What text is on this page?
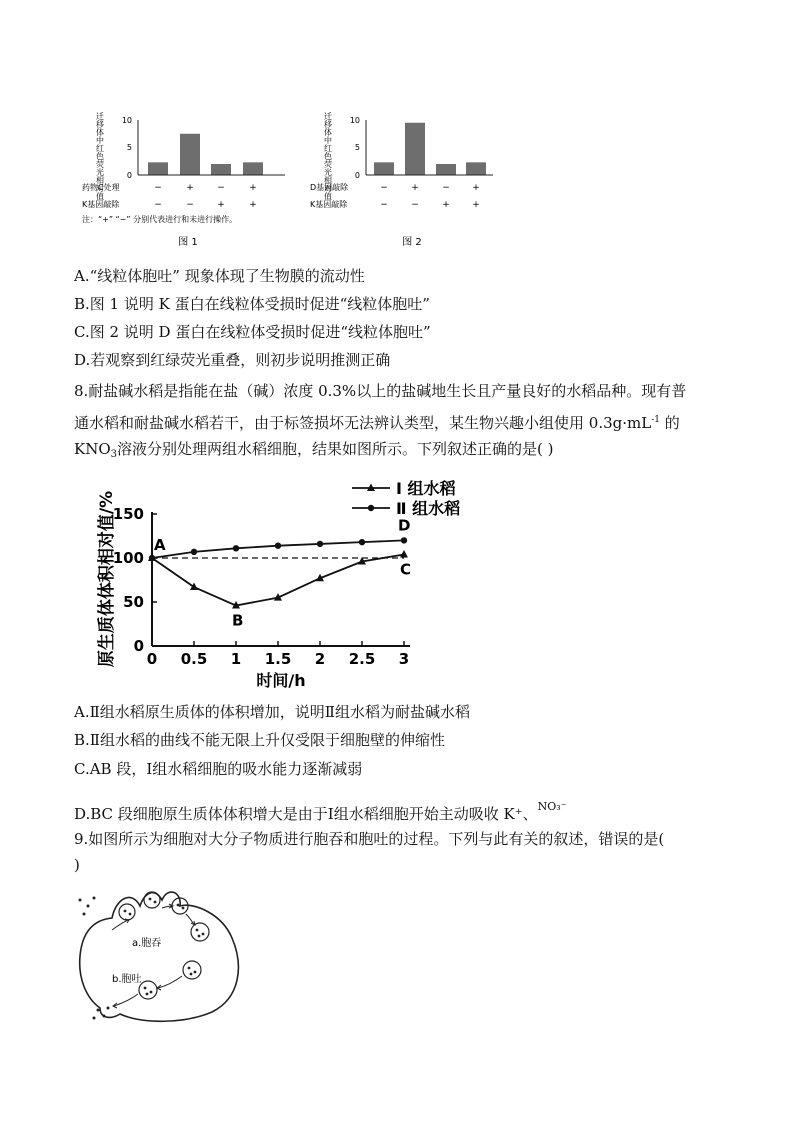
迁移体中红色荧光相对值	0
5
10
药物C处理
K基因敲除
−	+	−	+
−	−	+	+
注：“+” “−” 分别代表进行和未进行操作。
图 1
迁移体中红色荧光相对值	0
5
10
D基因敲除
K基因敲除
−	+	− +
−	−	+ +
图 2
A.“线粒体胞吐” 现象体现了生物膜的流动性
B.图 1 说明 K 蛋白在线粒体受损时促进“线粒体胞吐”
C.图 2 说明 D 蛋白在线粒体受损时促进“线粒体胞吐”
D.若观察到红绿荧光重叠，则初步说明推测正确
8.耐盐碱水稻是指能在盐（碱）浓度 0.3%以上的盐碱地生长且产量良好的水稻品种。现有普
通水稻和耐盐碱水稻若干，由于标签损坏无法辨认类型，某生物兴趣小组使用 $0.3g\cdot mL^{-1}$ 的
$KNO_3$溶液分别处理两组水稻细胞，结果如图所示。下列叙述正确的是( )
0 0.5 1 1.5 2 2.5 3
0
50
100
150
A
B
C
D
原生质体体积相对值/%
时间/h
Ⅰ 组水稻
Ⅱ 组水稻
A.Ⅱ组水稻原生质体的体积增加，说明Ⅱ组水稻为耐盐碱水稻
B.Ⅱ组水稻的曲线不能无限上升仅受限于细胞壁的伸缩性
C.AB 段，Ⅰ组水稻细胞的吸水能力逐渐减弱
D.BC 段细胞原生质体体积增大是由于Ⅰ组水稻细胞开始主动吸收 K⁺、$^{NO_3^-}$
9.如图所示为细胞对大分子物质进行胞吞和胞吐的过程。下列与此有关的叙述，错误的是(
)
a.胞吞
b.胞吐
